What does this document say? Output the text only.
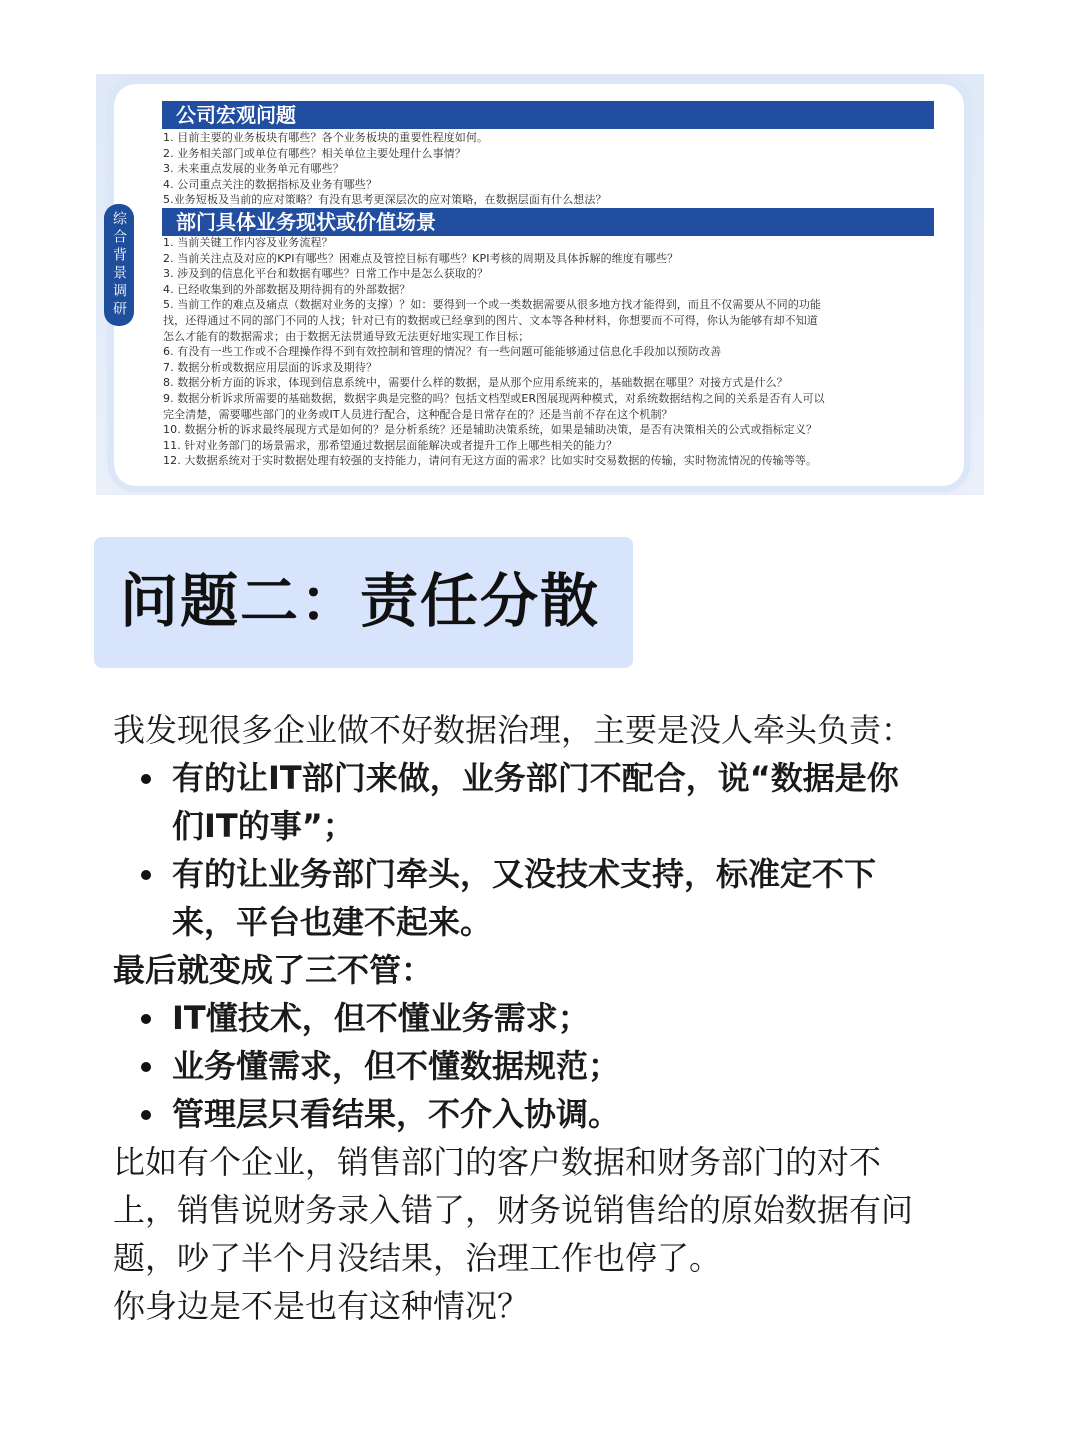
综合背景调研
公司宏观问题
1. 目前主要的业务板块有哪些？各个业务板块的重要性程度如何。
2. 业务相关部门或单位有哪些？相关单位主要处理什么事情？
3. 未来重点发展的业务单元有哪些？
4. 公司重点关注的数据指标及业务有哪些？
5.业务短板及当前的应对策略？有没有思考更深层次的应对策略，在数据层面有什么想法？
部门具体业务现状或价值场景
1. 当前关键工作内容及业务流程？
2. 当前关注点及对应的KPI有哪些？困难点及管控目标有哪些？KPI考核的周期及具体拆解的维度有哪些？
3. 涉及到的信息化平台和数据有哪些？日常工作中是怎么获取的？
4. 已经收集到的外部数据及期待拥有的外部数据？
5. 当前工作的难点及痛点（数据对业务的支撑）？如：要得到一个或一类数据需要从很多地方找才能得到，而且不仅需要从不同的功能
找，还得通过不同的部门不同的人找；针对已有的数据或已经拿到的图片、文本等各种材料，你想要而不可得，你认为能够有却不知道
怎么才能有的数据需求；由于数据无法贯通导致无法更好地实现工作目标；
6. 有没有一些工作或不合理操作得不到有效控制和管理的情况？有一些问题可能能够通过信息化手段加以预防改善
7. 数据分析或数据应用层面的诉求及期待？
8. 数据分析方面的诉求，体现到信息系统中，需要什么样的数据，是从那个应用系统来的，基础数据在哪里？对接方式是什么？
9. 数据分析诉求所需要的基础数据，数据字典是完整的吗？包括文档型或ER图展现两种模式，对系统数据结构之间的关系是否有人可以
完全清楚，需要哪些部门的业务或IT人员进行配合，这种配合是日常存在的？还是当前不存在这个机制？
10. 数据分析的诉求最终展现方式是如何的？是分析系统？还是辅助决策系统，如果是辅助决策，是否有决策相关的公式或指标定义？
11. 针对业务部门的场景需求，那希望通过数据层面能解决或者提升工作上哪些相关的能力？
12. 大数据系统对于实时数据处理有较强的支持能力，请问有无这方面的需求？比如实时交易数据的传输，实时物流情况的传输等等。
问题二：责任分散

我发现很多企业做不好数据治理，主要是没人牵头负责：

有的让IT部门来做，业务部门不配合，说“数据是你
们IT的事”；
有的让业务部门牵头，又没技术支持，标准定不下
来，平台也建不起来。

最后就变成了三不管：

IT懂技术，但不懂业务需求；
业务懂需求，但不懂数据规范；
管理层只看结果，不介入协调。

比如有个企业，销售部门的客户数据和财务部门的对不

上，销售说财务录入错了，财务说销售给的原始数据有问

题，吵了半个月没结果，治理工作也停了。

你身边是不是也有这种情况？
